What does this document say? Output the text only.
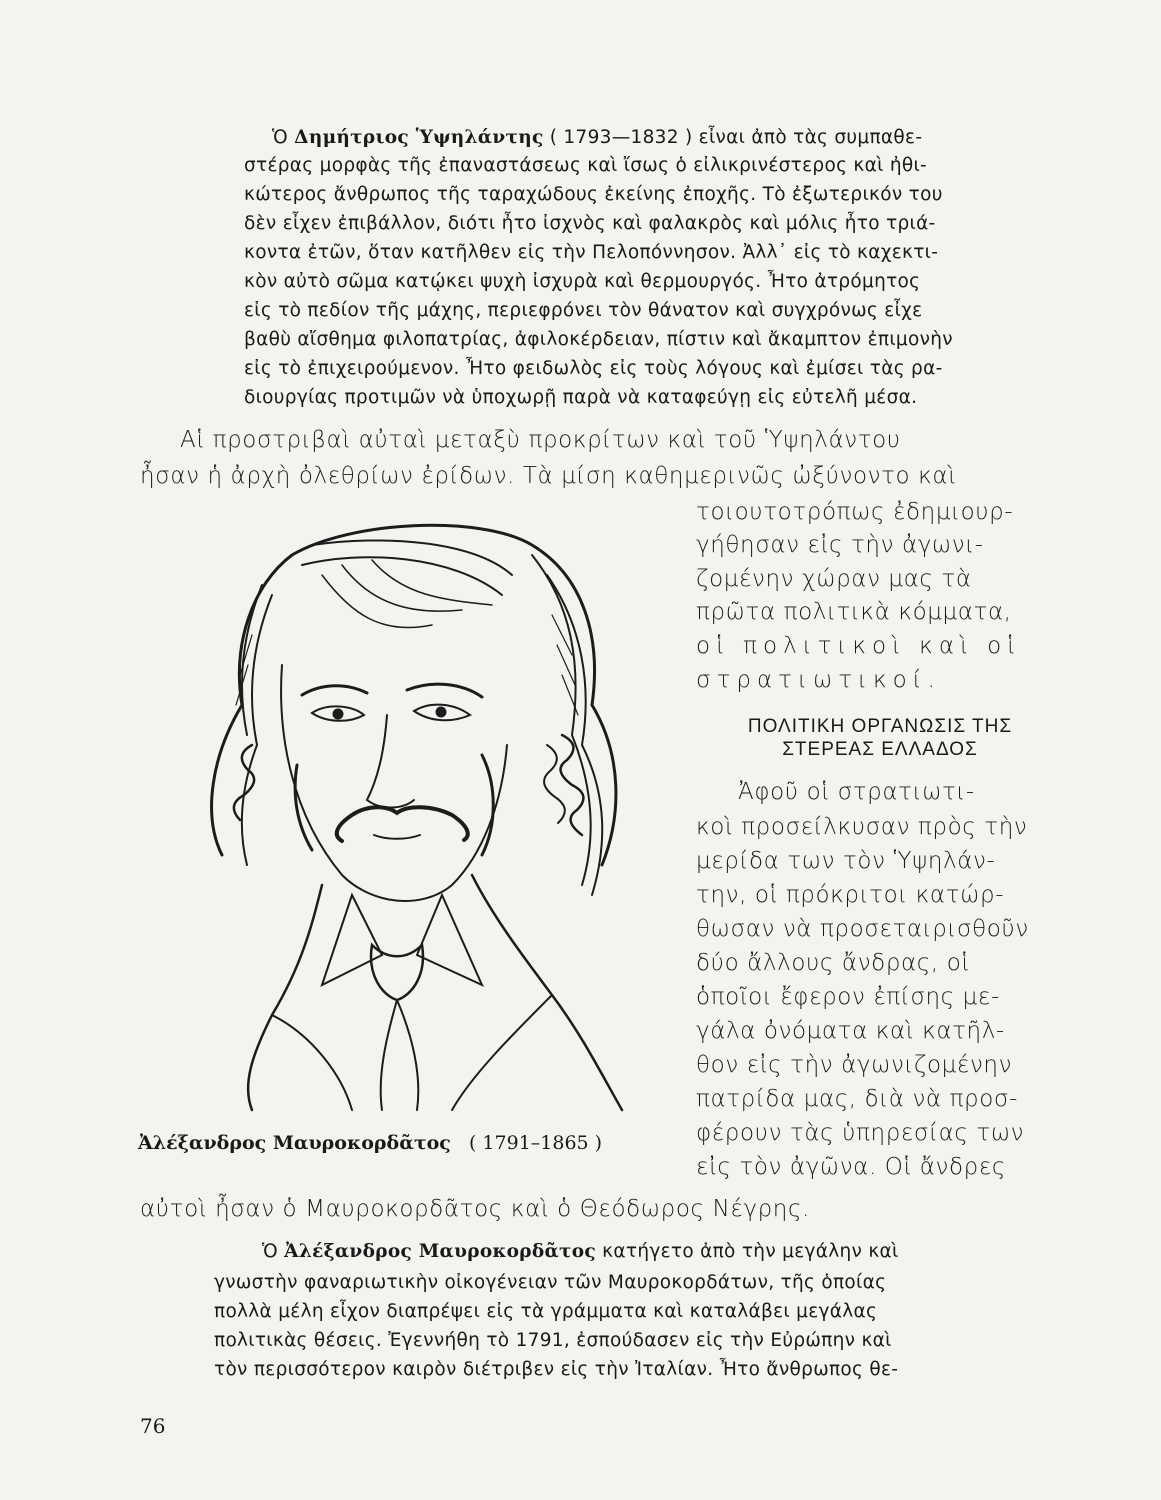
Ὁ Δημήτριος Ὑψηλάντης ( 1793—1832 ) εἶναι ἀπὸ τὰς συμπαθε-
στέρας μορφὰς τῆς ἐπαναστάσεως καὶ ἴσως ὁ εἰλικρινέστερος καὶ ἠθι-
κώτερος ἄνθρωπος τῆς ταραχώδους ἐκείνης ἐποχῆς. Τὸ ἐξωτερικόν του
δὲν εἶχεν ἐπιβάλλον, διότι ἦτο ἰσχνὸς καὶ φαλακρὸς καὶ μόλις ἦτο τριά-
κοντα ἐτῶν, ὅταν κατῆλθεν εἰς τὴν Πελοπόννησον. Ἀλλ᾿ εἰς τὸ καχεκτι-
κὸν αὐτὸ σῶμα κατῴκει ψυχὴ ἰσχυρὰ καὶ θερμουργός. Ἦτο ἀτρόμητος
εἰς τὸ πεδίον τῆς μάχης, περιεφρόνει τὸν θάνατον καὶ συγχρόνως εἶχε
βαθὺ αἴσθημα φιλοπατρίας, ἀφιλοκέρδειαν, πίστιν καὶ ἄκαμπτον ἐπιμονὴν
εἰς τὸ ἐπιχειρούμενον. Ἦτο φειδωλὸς εἰς τοὺς λόγους καὶ ἐμίσει τὰς ρα-
διουργίας προτιμῶν νὰ ὑποχωρῇ παρὰ νὰ καταφεύγῃ εἰς εὐτελῆ μέσα.
Αἱ προστριβαὶ αὐταὶ μεταξὺ προκρίτων καὶ τοῦ Ὑψηλάντου
ἦσαν ἡ ἀρχὴ ὀλεθρίων ἐρίδων. Τὰ μίση καθημερινῶς ὠξύνοντο καὶ
τοιουτοτρόπως ἐδημιουρ-
γήθησαν εἰς τὴν ἀγωνι-
ζομένην χώραν μας τὰ
πρῶτα πολιτικὰ κόμματα,
οἱ πολιτικοὶ καὶ οἱ
στρατιωτικοί.
ΠΟΛΙΤΙΚΗ ΟΡΓΑΝΩΣΙΣ ΤΗΣ
ΣΤΕΡΕΑΣ ΕΛΛΑΔΟΣ
Ἀφοῦ οἱ στρατιωτι-
κοὶ προσείλκυσαν πρὸς τὴν
μερίδα των τὸν Ὑψηλάν-
την, οἱ πρόκριτοι κατώρ-
θωσαν νὰ προσεταιρισθοῦν
δύο ἄλλους ἄνδρας, οἱ
ὁποῖοι ἔφερον ἐπίσης με-
γάλα ὀνόματα καὶ κατῆλ-
θον εἰς τὴν ἀγωνιζομένην
πατρίδα μας, διὰ νὰ προσ-
φέρουν τὰς ὑπηρεσίας των
εἰς τὸν ἀγῶνα. Οἱ ἄνδρες
αὐτοὶ ἦσαν ὁ Μαυροκορδᾶτος καὶ ὁ Θεόδωρος Νέγρης.
Ἀλέξανδρος Μαυροκορδᾶτος ( 1791–1865 )
Ὁ Ἀλέξανδρος Μαυροκορδᾶτος κατήγετο ἀπὸ τὴν μεγάλην καὶ
γνωστὴν φαναριωτικὴν οἰκογένειαν τῶν Μαυροκορδάτων, τῆς ὁποίας
πολλὰ μέλη εἶχον διαπρέψει εἰς τὰ γράμματα καὶ καταλάβει μεγάλας
πολιτικὰς θέσεις. Ἐγεννήθη τὸ 1791, ἐσπούδασεν εἰς τὴν Εὐρώπην καὶ
τὸν περισσότερον καιρὸν διέτριβεν εἰς τὴν Ἰταλίαν. Ἦτο ἄνθρωπος θε-
76
